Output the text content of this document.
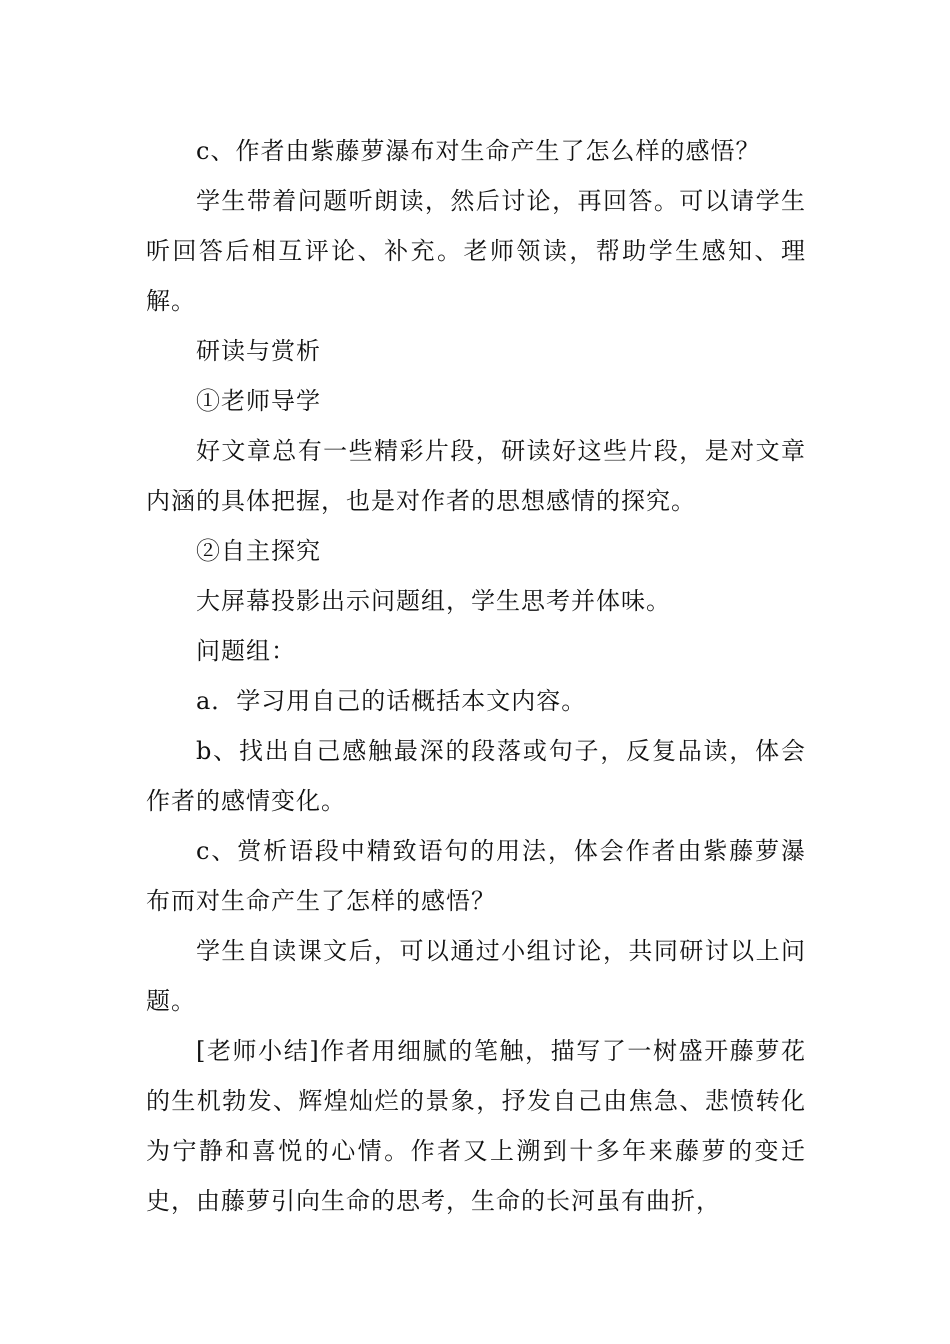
c、作者由紫藤萝瀑布对生命产生了怎么样的感悟？

学生带着问题听朗读，然后讨论，再回答。可以请学生听回答后相互评论、补充。老师领读，帮助学生感知、理解。

研读与赏析

①老师导学

好文章总有一些精彩片段，研读好这些片段，是对文章内涵的具体把握，也是对作者的思想感情的探究。

②自主探究

大屏幕投影出示问题组，学生思考并体味。

问题组：

a．学习用自己的话概括本文内容。

b、找出自己感触最深的段落或句子，反复品读，体会作者的感情变化。

c、赏析语段中精致语句的用法，体会作者由紫藤萝瀑布而对生命产生了怎样的感悟？

学生自读课文后，可以通过小组讨论，共同研讨以上问题。

[老师小结]作者用细腻的笔触，描写了一树盛开藤萝花的生机勃发、辉煌灿烂的景象，抒发自己由焦急、悲愤转化为宁静和喜悦的心情。作者又上溯到十多年来藤萝的变迁史，由藤萝引向生命的思考，生命的长河虽有曲折，
